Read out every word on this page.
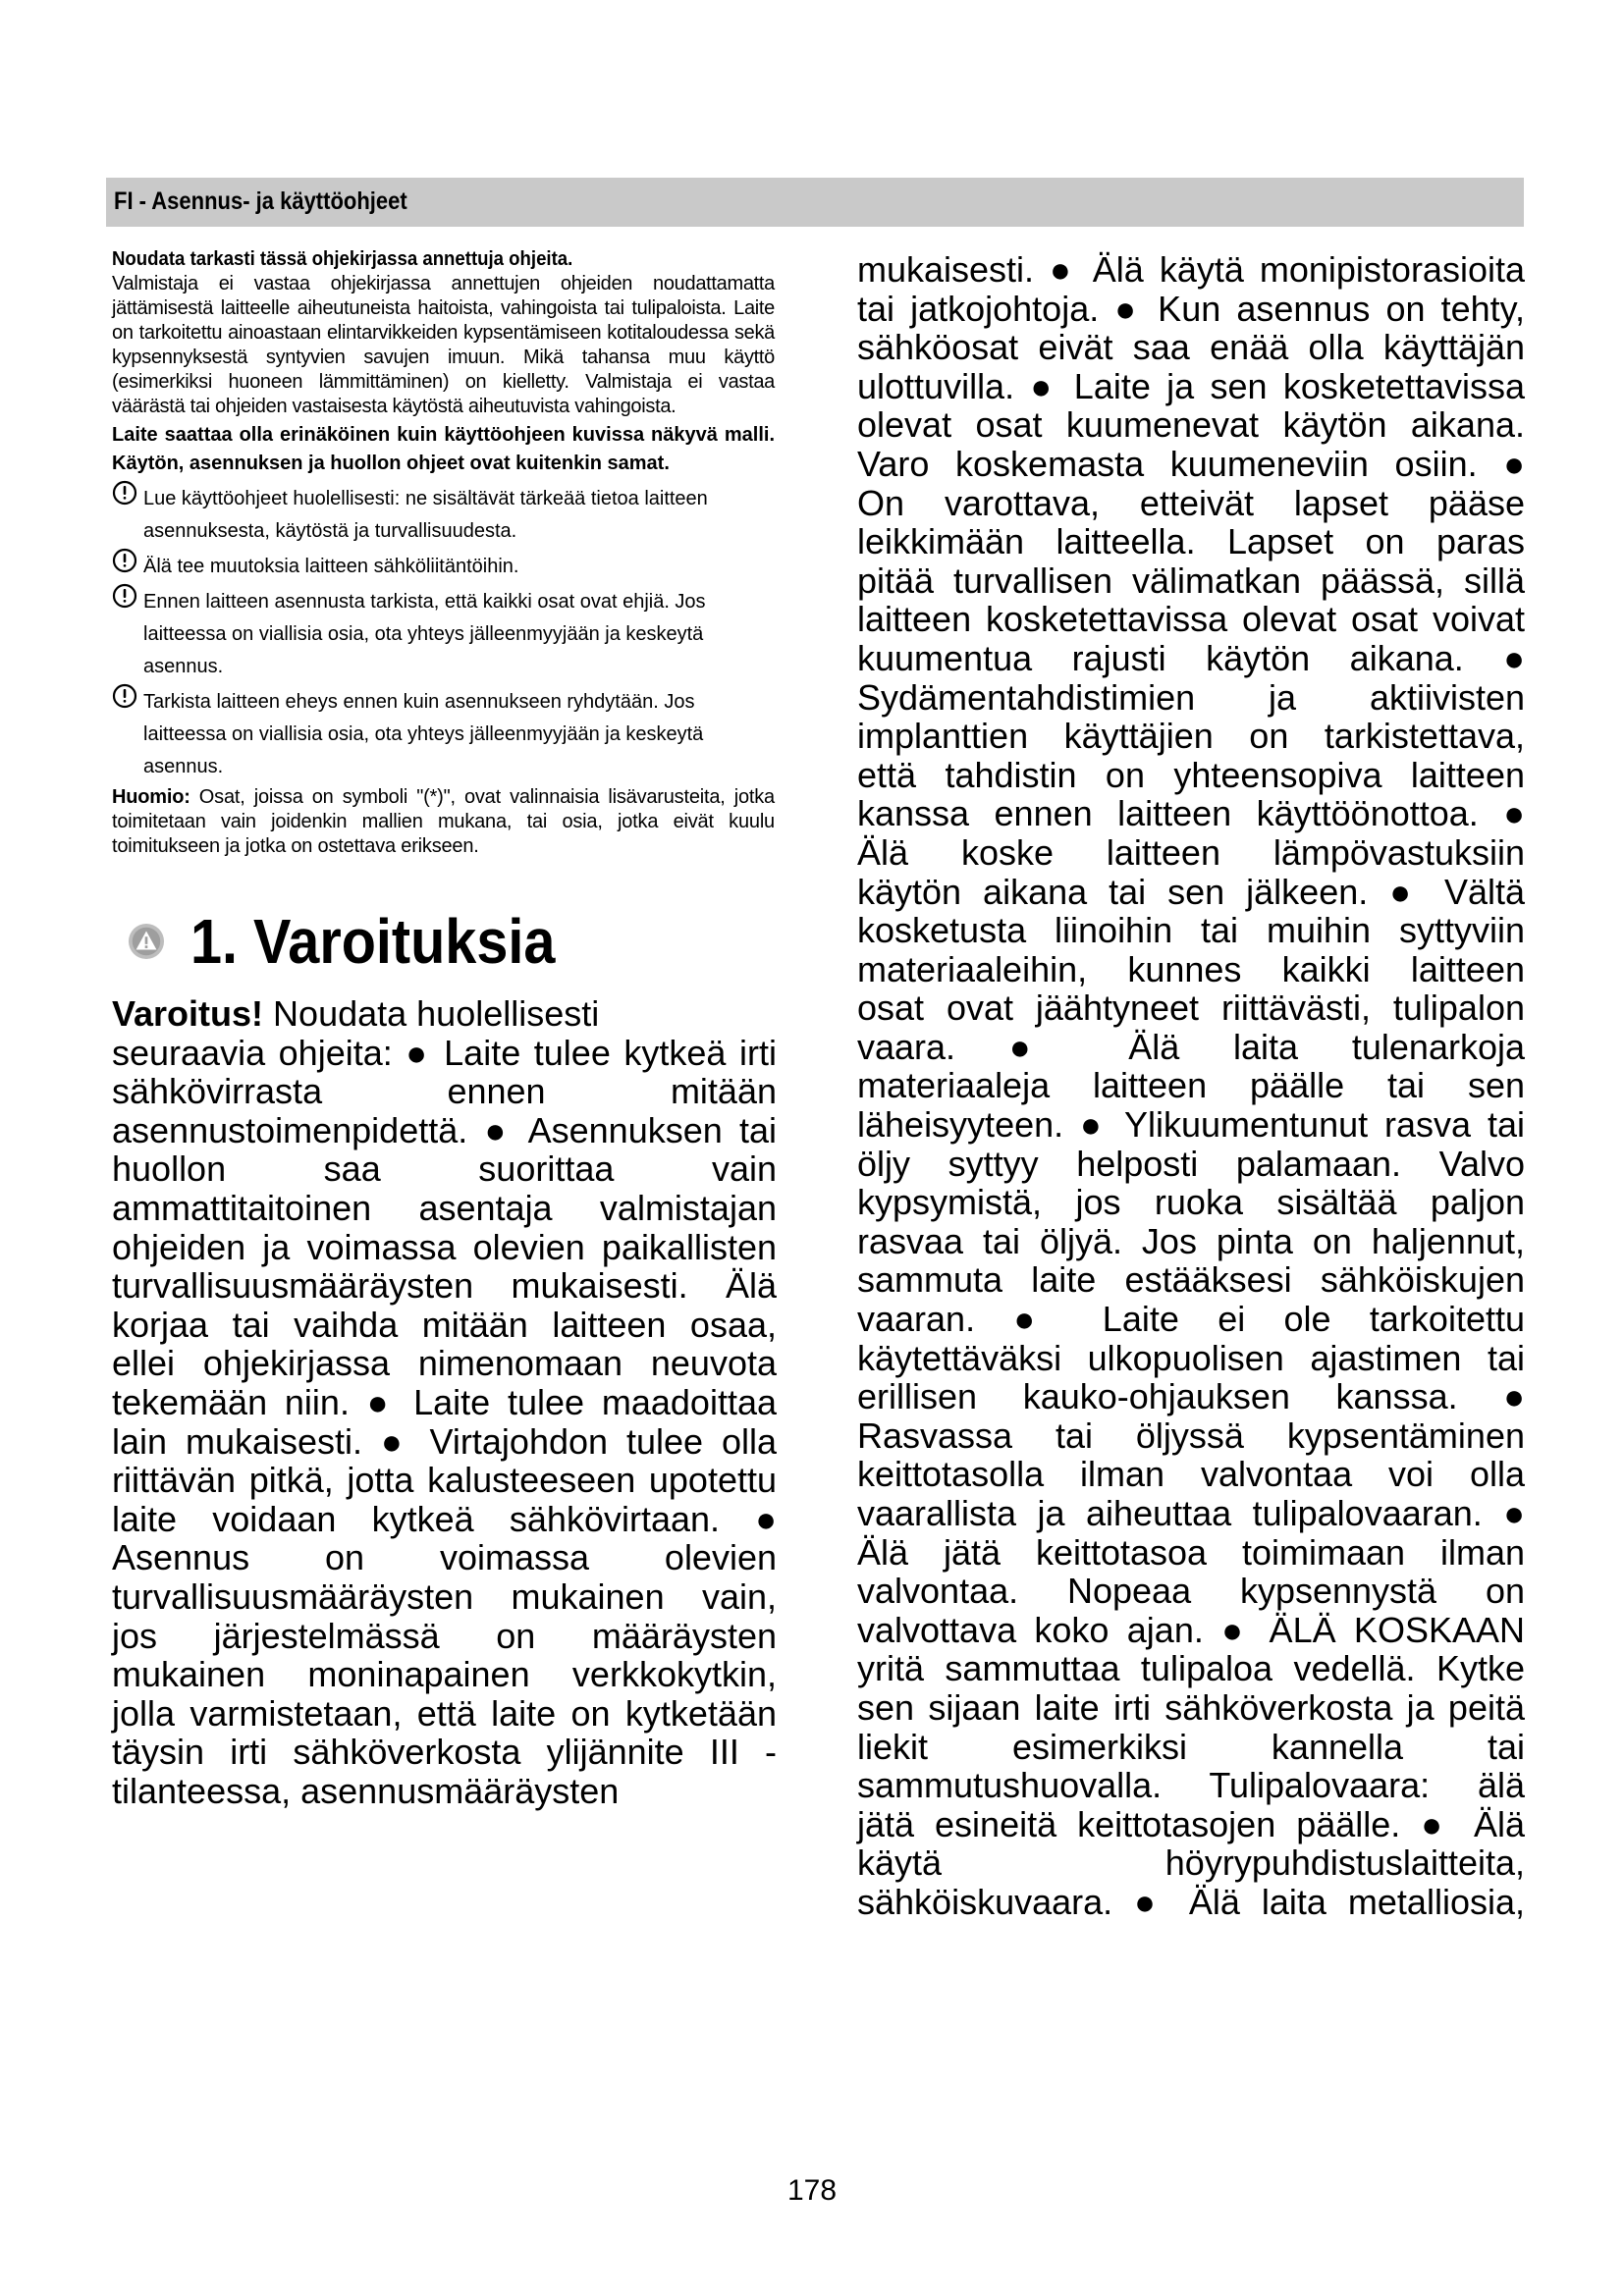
FI - Asennus- ja käyttöohjeet

Noudata tarkasti tässä ohjekirjassa annettuja ohjeita.

Valmistaja ei vastaa ohjekirjassa annettujen ohjeiden noudattamatta jättämisestä laitteelle aiheutuneista haitoista, vahingoista tai tulipaloista. Laite on tarkoitettu ainoastaan elintarvikkeiden kypsentämiseen kotitaloudessa sekä kypsennyksestä syntyvien savujen imuun. Mikä tahansa muu käyttö (esimerkiksi huoneen lämmittäminen) on kielletty. Valmistaja ei vastaa väärästä tai ohjeiden vastaisesta käytöstä aiheutuvista vahingoista.

Laite saattaa olla erinäköinen kuin käyttöohjeen kuvissa näkyvä malli. Käytön, asennuksen ja huollon ohjeet ovat kuitenkin samat.

Lue käyttöohjeet huolellisesti: ne sisältävät tärkeää tietoa laitteen asennuksesta, käytöstä ja turvallisuudesta.
Älä tee muutoksia laitteen sähköliitäntöihin.
Ennen laitteen asennusta tarkista, että kaikki osat ovat ehjiä. Jos laitteessa on viallisia osia, ota yhteys jälleenmyyjään ja keskeytä asennus.
Tarkista laitteen eheys ennen kuin asennukseen ryhdytään. Jos laitteessa on viallisia osia, ota yhteys jälleenmyyjään ja keskeytä asennus.

Huomio: Osat, joissa on symboli "(*)", ovat valinnaisia lisävarusteita, jotka toimitetaan vain joidenkin mallien mukana, tai osia, jotka eivät kuulu toimitukseen ja jotka on ostettava erikseen.

1. Varoituksia
Varoitus! Noudata huolellisesti
seuraavia ohjeita: ● Laite tulee kytkeä irti
sähkövirrasta ennen mitään
asennustoimenpidettä. ● Asennuksen tai
huollon saa suorittaa vain
ammattitaitoinen asentaja valmistajan
ohjeiden ja voimassa olevien paikallisten
turvallisuusmääräysten mukaisesti. Älä
korjaa tai vaihda mitään laitteen osaa,
ellei ohjekirjassa nimenomaan neuvota
tekemään niin. ● Laite tulee maadoittaa
lain mukaisesti. ● Virtajohdon tulee olla
riittävän pitkä, jotta kalusteeseen upotettu
laite voidaan kytkeä sähkövirtaan. ●
Asennus on voimassa olevien
turvallisuusmääräysten mukainen vain,
jos järjestelmässä on määräysten
mukainen moninapainen verkkokytkin,
jolla varmistetaan, että laite on kytketään
täysin irti sähköverkosta ylijännite III -
tilanteessa, asennusmääräysten
mukaisesti. ● Älä käytä monipistorasioita
tai jatkojohtoja. ● Kun asennus on tehty,
sähköosat eivät saa enää olla käyttäjän
ulottuvilla. ● Laite ja sen kosketettavissa
olevat osat kuumenevat käytön aikana.
Varo koskemasta kuumeneviin osiin. ●
On varottava, etteivät lapset pääse
leikkimään laitteella. Lapset on paras
pitää turvallisen välimatkan päässä, sillä
laitteen kosketettavissa olevat osat voivat
kuumentua rajusti käytön aikana. ●
Sydämentahdistimien ja aktiivisten
implanttien käyttäjien on tarkistettava,
että tahdistin on yhteensopiva laitteen
kanssa ennen laitteen käyttöönottoa. ●
Älä koske laitteen lämpövastuksiin
käytön aikana tai sen jälkeen. ● Vältä
kosketusta liinoihin tai muihin syttyviin
materiaaleihin, kunnes kaikki laitteen
osat ovat jäähtyneet riittävästi, tulipalon
vaara. ● Älä laita tulenarkoja
materiaaleja laitteen päälle tai sen
läheisyyteen. ● Ylikuumentunut rasva tai
öljy syttyy helposti palamaan. Valvo
kypsymistä, jos ruoka sisältää paljon
rasvaa tai öljyä. Jos pinta on haljennut,
sammuta laite estääksesi sähköiskujen
vaaran. ● Laite ei ole tarkoitettu
käytettäväksi ulkopuolisen ajastimen tai
erillisen kauko-ohjauksen kanssa. ●
Rasvassa tai öljyssä kypsentäminen
keittotasolla ilman valvontaa voi olla
vaarallista ja aiheuttaa tulipalovaaran. ●
Älä jätä keittotasoa toimimaan ilman
valvontaa. Nopeaa kypsennystä on
valvottava koko ajan. ● ÄLÄ KOSKAAN
yritä sammuttaa tulipaloa vedellä. Kytke
sen sijaan laite irti sähköverkosta ja peitä
liekit esimerkiksi kannella tai
sammutushuovalla. Tulipalovaara: älä
jätä esineitä keittotasojen päälle. ● Älä
käytä höyrypuhdistuslaitteita,
sähköiskuvaara. ● Älä laita metalliosia,
178
